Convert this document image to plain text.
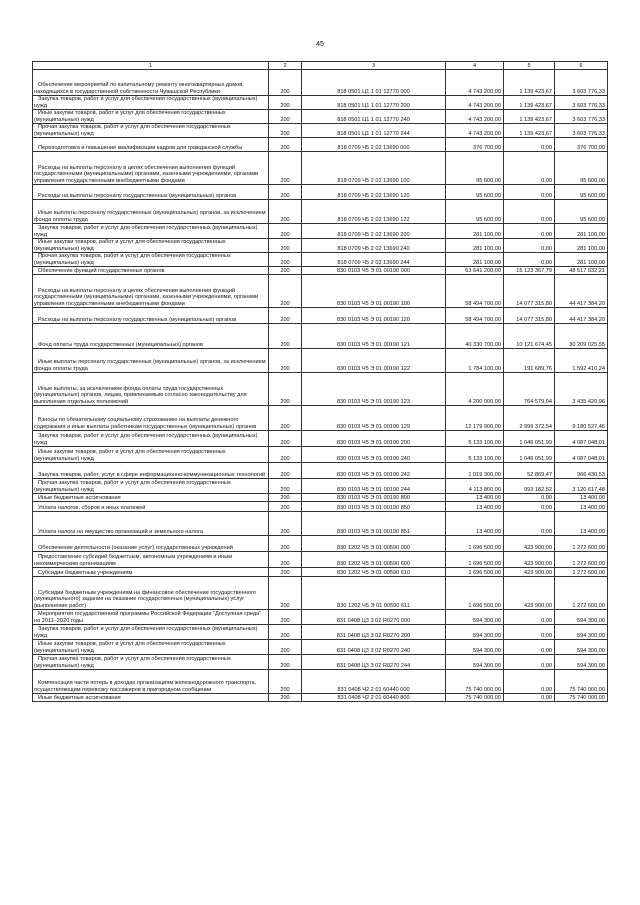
45
1	2	3	4	5	6

Обеспечение мероприятий по капитальному ремонту многоквартирных домов, находящихся в государственной собственности Чувашской Республики	200	818 0501 Ц1 1 01 12770 000	4 743 200,00	1 139 423,67	3 603 776,33

Закупка товаров, работ и услуг для обеспечения государственных (муниципальных) нужд	200	818 0501 Ц1 1 01 12770 200	4 743 200,00	1 139 423,67	3 603 776,33

Иные закупки товаров, работ и услуг для обеспечения государственных (муниципальных) нужд	200	818 0501 Ц1 1 01 12770 240	4 743 200,00	1 139 423,67	3 603 776,33

Прочая закупка товаров, работ и услуг для обеспечения государственных (муниципальных) нужд	200	818 0501 Ц1 1 01 12770 244	4 743 200,00	1 139 423,67	3 603 776,33

Переподготовка и повышение квалификации кадров для гражданской службы	200	818 0709 Ч5 2 02 13690 000	376 700,00	0,00	376 700,00

Расходы на выплаты персоналу в целях обеспечения выполнения функций государственными (муниципальными) органами, казенными учреждениями, органами управления государственными внебюджетными фондами	200	818 0709 Ч5 2 02 13690 100	95 600,00	0,00	95 600,00

Расходы на выплаты персоналу государственных (муниципальных) органов	200	818 0709 Ч5 2 02 13690 120	95 600,00	0,00	95 600,00

Иные выплаты персоналу государственных (муниципальных) органов, за исключением фонда оплаты труда	200	818 0709 Ч5 2 02 13690 122	95 600,00	0,00	95 600,00

Закупка товаров, работ и услуг для обеспечения государственных (муниципальных) нужд	200	818 0709 Ч5 2 02 13690 200	281 100,00	0,00	281 100,00

Иные закупки товаров, работ и услуг для обеспечения государственных (муниципальных) нужд	200	818 0709 Ч5 2 02 13690 240	281 100,00	0,00	281 100,00

Прочая закупка товаров, работ и услуг для обеспечения государственных (муниципальных) нужд	200	818 0709 Ч5 2 02 13690 244	281 100,00	0,00	281 100,00

Обеспечение функций государственных органов	200	830 0103 Ч5 Э 01 00190 000	63 641 200,00	15 123 367,79	48 517 832,21

Расходы на выплаты персоналу в целях обеспечения выполнения функций государственными (муниципальными) органами, казенными учреждениями, органами управления государственными внебюджетными фондами	200	830 0103 Ч5 Э 01 00190 100	58 494 700,00	14 077 315,80	44 417 384,20

Расходы на выплаты персоналу государственных (муниципальных) органов	200	830 0103 Ч5 Э 01 00190 120	58 494 700,00	14 077 315,80	44 417 384,20

Фонд оплаты труда государственных (муниципальных) органов	200	830 0103 Ч5 Э 01 00190 121	40 330 700,00	10 121 674,45	30 209 025,55

Иные выплаты персоналу государственных (муниципальных) органов, за исключением фонда оплаты труда	200	830 0103 Ч5 Э 01 00190 122	1 784 100,00	191 689,76	1 592 410,24

Иные выплаты, за исключением фонда оплаты труда государственных (муниципальных) органов, лицам, привлекаемым согласно законодательству для выполнения отдельных полномочий	200	830 0103 Ч5 Э 01 00190 123	4 200 000,00	764 579,04	3 435 420,96

Взносы по обязательному социальному страхованию на выплаты денежного содержания и иные выплаты работникам государственных (муниципальных) органов	200	830 0103 Ч5 Э 01 00190 129	12 179 900,00	2 999 372,54	9 180 527,46

Закупка товаров, работ и услуг для обеспечения государственных (муниципальных) нужд	200	830 0103 Ч5 Э 01 00190 200	5 133 100,00	1 046 051,99	4 087 048,01

Иные закупки товаров, работ и услуг для обеспечения государственных (муниципальных) нужд	200	830 0103 Ч5 Э 01 00190 240	5 133 100,00	1 046 051,99	4 087 048,01

Закупка товаров, работ, услуг в сфере информационно-коммуникационных технологий	200	830 0103 Ч5 Э 01 00190 242	1 019 300,00	52 869,47	966 430,53

Прочая закупка товаров, работ и услуг для обеспечения государственных (муниципальных) нужд	200	830 0103 Ч5 Э 01 00190 244	4 113 800,00	993 182,52	3 120 617,48

Иные бюджетные ассигнования	200	830 0103 Ч5 Э 01 00190 800	13 400,00	0,00	13 400,00

Уплата налогов, сборов и иных платежей	200	830 0103 Ч5 Э 01 00190 850	13 400,00	0,00	13 400,00

Уплата налога на имущество организаций и земельного налога	200	830 0103 Ч5 Э 01 00190 851	13 400,00	0,00	13 400,00

Обеспечение деятельности (оказание услуг) государственных учреждений	200	830 1202 Ч5 Э 01 00590 000	1 696 500,00	423 900,00	1 272 600,00

Предоставление субсидий бюджетным, автономным учреждениям и иным некоммерческим организациям	200	830 1202 Ч5 Э 01 00590 600	1 696 500,00	423 900,00	1 272 600,00

Субсидии бюджетным учреждениям	200	830 1202 Ч5 Э 01 00590 610	1 696 500,00	423 900,00	1 272 600,00

Субсидии бюджетным учреждениям на финансовое обеспечение государственного (муниципального) задания на оказание государственных (муниципальных) услуг (выполнение работ)	200	830 1202 Ч5 Э 01 00590 611	1 696 500,00	423 900,00	1 272 600,00

Мероприятия государственной программы Российской Федерации "Доступная среда" на 2011–2020 годы	200	831 0408 Ц3 3 02 R0270 000	594 300,00	0,00	594 300,00

Закупка товаров, работ и услуг для обеспечения государственных (муниципальных) нужд	200	831 0408 Ц3 3 02 R0270 200	594 300,00	0,00	594 300,00

Иные закупки товаров, работ и услуг для обеспечения государственных (муниципальных) нужд	200	831 0408 Ц3 3 02 R0270 240	594 300,00	0,00	594 300,00

Прочая закупка товаров, работ и услуг для обеспечения государственных (муниципальных) нужд	200	831 0408 Ц3 3 02 R0270 244	594 300,00	0,00	594 300,00

Компенсация части потерь в доходах организациям железнодорожного транспорта, осуществляющим перевозку пассажиров в пригородном сообщении	200	831 0408 Ч2 2 01 60440 000	75 740 000,00	0,00	75 740 000,00

Иные бюджетные ассигнования	200	831 0408 Ч2 2 01 60440 800	75 740 000,00	0,00	75 740 000,00
